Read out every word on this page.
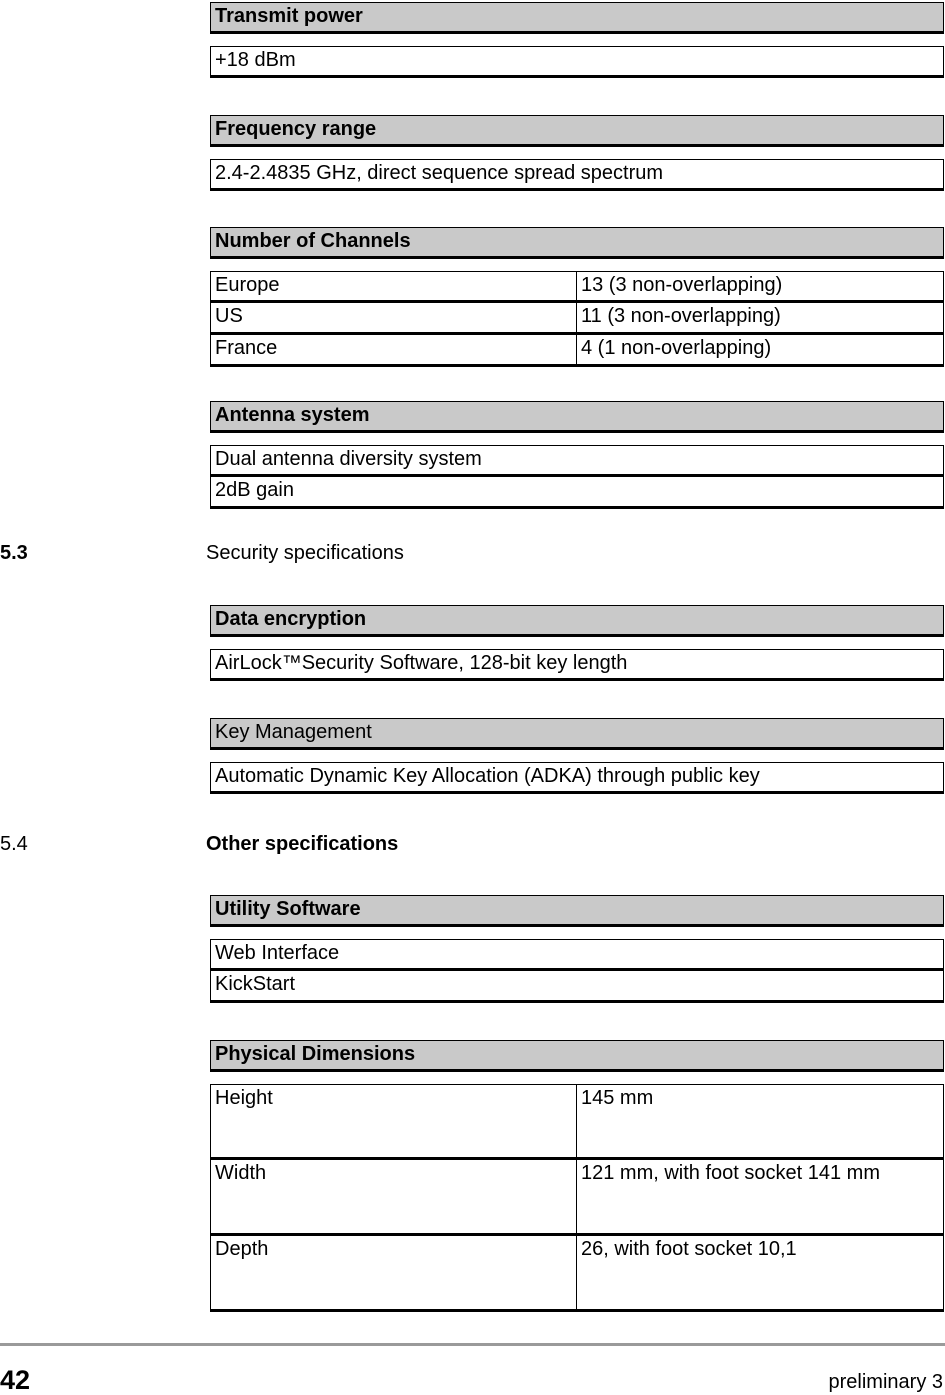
Transmit power
+18 dBm
Frequency range
2.4-2.4835 GHz, direct sequence spread spectrum
Number of Channels
Europe	13 (3 non-overlapping)
US	11 (3 non-overlapping)
France	4 (1 non-overlapping)
Antenna system
Dual antenna diversity system
2dB gain
5.3	Security specifications
Data encryption
AirLock™Security Software, 128-bit key length
Key Management
Automatic Dynamic Key Allocation (ADKA) through public key
5.4	Other specifications
Utility Software
Web Interface
KickStart
Physical Dimensions
Height	145 mm
Width	121 mm, with foot socket 141 mm
Depth	26, with foot socket 10,1
42	preliminary 3
